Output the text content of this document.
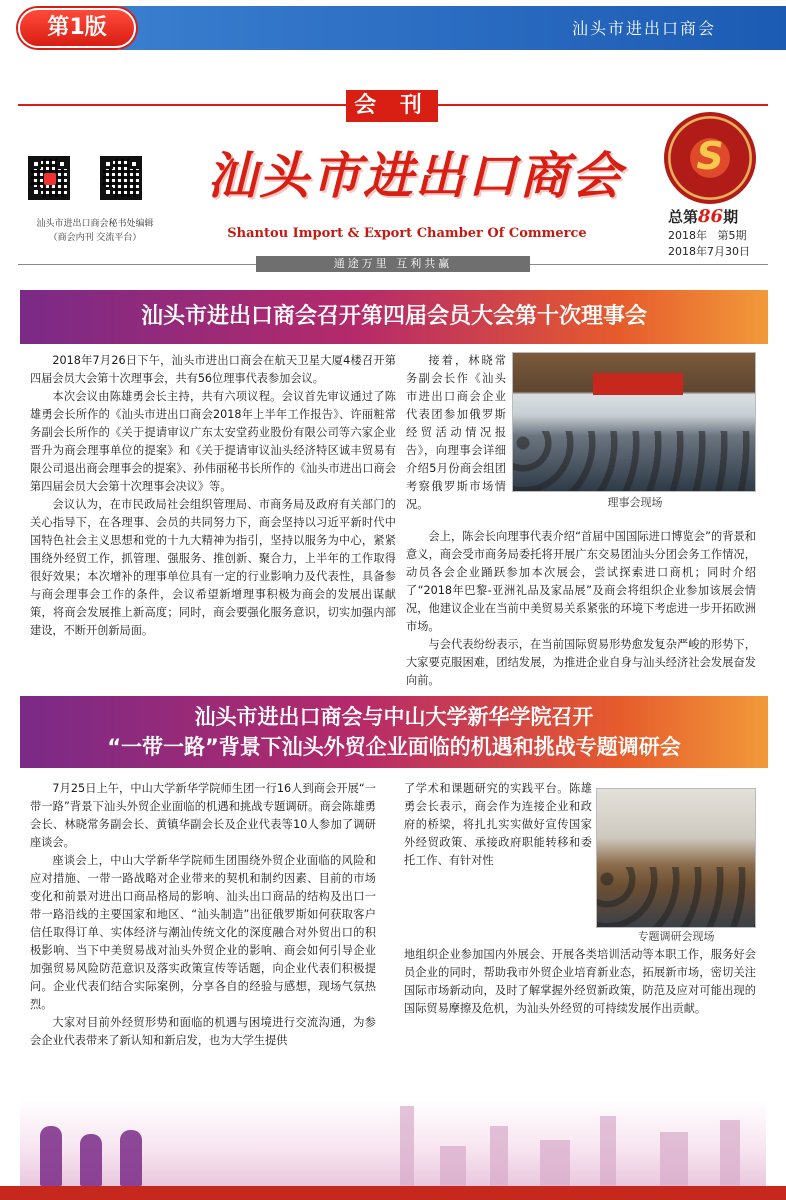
第1版	汕头市进出口商会
会 刊
汕头市进出口商会秘书处编辑
（商会内刊 交流平台）
汕头市进出口商会
Shantou Import & Export Chamber Of Commerce
S
总第86期
2018年 第5期
2018年7月30日
通途万里 互利共赢
汕头市进出口商会召开第四届会员大会第十次理事会

2018年7月26日下午，汕头市进出口商会在航天卫星大厦4楼召开第四届会员大会第十次理事会，共有56位理事代表参加会议。

本次会议由陈雄勇会长主持，共有六项议程。会议首先审议通过了陈雄勇会长所作的《汕头市进出口商会2018年上半年工作报告》、许丽粧常务副会长所作的《关于提请审议广东太安堂药业股份有限公司等六家企业晋升为商会理事单位的提案》和《关于提请审议汕头经济特区诚丰贸易有限公司退出商会理事会的提案》、孙伟丽秘书长所作的《汕头市进出口商会第四届会员大会第十次理事会决议》等。

会议认为，在市民政局社会组织管理局、市商务局及政府有关部门的关心指导下，在各理事、会员的共同努力下，商会坚持以习近平新时代中国特色社会主义思想和党的十九大精神为指引，坚持以服务为中心，紧紧围绕外经贸工作，抓管理、强服务、推创新、聚合力，上半年的工作取得很好效果；本次增补的理事单位具有一定的行业影响力及代表性，具备参与商会理事会工作的条件，会议希望新增理事积极为商会的发展出谋献策，将商会发展推上新高度；同时，商会要强化服务意识，切实加强内部建设，不断开创新局面。

接着，林晓常务副会长作《汕头市进出口商会企业代表团参加俄罗斯经贸活动情况报告》，向理事会详细介绍5月份商会组团考察俄罗斯市场情况。	理事会现场

会上，陈会长向理事代表介绍“首届中国国际进口博览会”的背景和意义，商会受市商务局委托将开展广东交易团汕头分团会务工作情况，动员各会企业踊跃参加本次展会，尝试探索进口商机；同时介绍了“2018年巴黎-亚洲礼品及家品展”及商会将组织企业参加该展会情况，他建议企业在当前中美贸易关系紧张的环境下考虑进一步开拓欧洲市场。

与会代表纷纷表示，在当前国际贸易形势愈发复杂严峻的形势下，大家要克服困难，团结发展，为推进企业自身与汕头经济社会发展奋发向前。

汕头市进出口商会与中山大学新华学院召开
“一带一路”背景下汕头外贸企业面临的机遇和挑战专题调研会

7月25日上午，中山大学新华学院师生团一行16人到商会开展“一带一路”背景下汕头外贸企业面临的机遇和挑战专题调研。商会陈雄勇会长、林晓常务副会长、黄镇华副会长及企业代表等10人参加了调研座谈会。

座谈会上，中山大学新华学院师生团围绕外贸企业面临的风险和应对措施、一带一路战略对企业带来的契机和制约因素、目前的市场变化和前景对进出口商品格局的影响、汕头出口商品的结构及出口一带一路沿线的主要国家和地区、“汕头制造”出征俄罗斯如何获取客户信任取得订单、实体经济与潮汕传统文化的深度融合对外贸出口的积极影响、当下中美贸易战对汕头外贸企业的影响、商会如何引导企业加强贸易风险防范意识及落实政策宣传等话题，向企业代表们积极提问。企业代表们结合实际案例，分享各自的经验与感想，现场气氛热烈。

大家对目前外经贸形势和面临的机遇与困境进行交流沟通，为参会企业代表带来了新认知和新启发，也为大学生提供

了学术和课题研究的实践平台。陈雄勇会长表示，商会作为连接企业和政府的桥梁，将扎扎实实做好宣传国家外经贸政策、承接政府职能转移和委托工作、有针对性

专题调研会现场

地组织企业参加国内外展会、开展各类培训活动等本职工作，服务好会员企业的同时，帮助我市外贸企业培育新业态，拓展新市场，密切关注国际市场新动向，及时了解掌握外经贸新政策，防范及应对可能出现的国际贸易摩擦及危机，为汕头外经贸的可持续发展作出贡献。
